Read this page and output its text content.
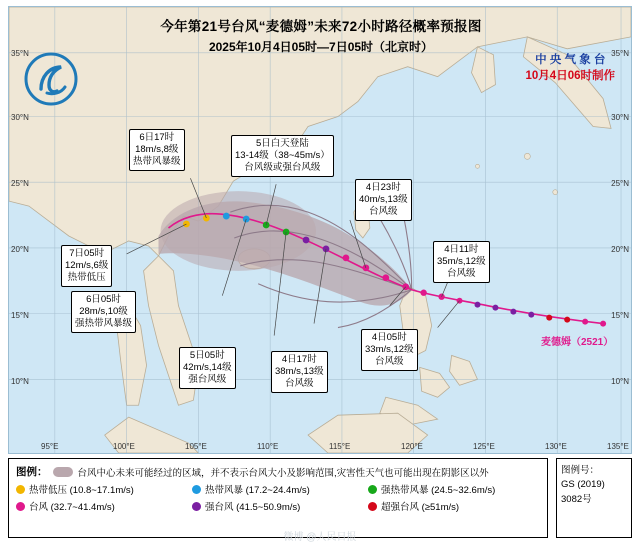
今年第21号台风“麦德姆”未来72小时路径概率预报图
2025年10月4日05时—7日05时（北京时）
中 央 气 象 台
10月4日06时制作
6日17时
18m/s,8级
热带风暴级
5日白天登陆
13-14级（38~45m/s）
台风级或强台风级
4日23时
40m/s,13级
台风级
4日11时
35m/s,12级
台风级
7日05时
12m/s,6级
热带低压
6日05时
28m/s,10级
强热带风暴级
5日05时
42m/s,14级
强台风级
4日17时
38m/s,13级
台风级
4日05时
33m/s,12级
台风级
麦德姆（2521）
95°E	100°E	105°E	110°E	115°E	120°E	125°E	130°E	135°E
10°N
15°N
20°N
25°N
30°N
35°N
10°N
15°N
20°N
25°N
30°N
35°N
图例：	台风中心未来可能经过的区域，并不表示台风大小及影响范围,灾害性天气也可能出现在阴影区以外
热带低压 (10.8~17.1m/s)	热带风暴 (17.2~24.4m/s)	强热带风暴 (24.5~32.6m/s)
台风 (32.7~41.4m/s)	强台风 (41.5~50.9m/s)	超强台风 (≥51m/s)
图例号：
GS (2019) 3082号
微博 @人民日报
